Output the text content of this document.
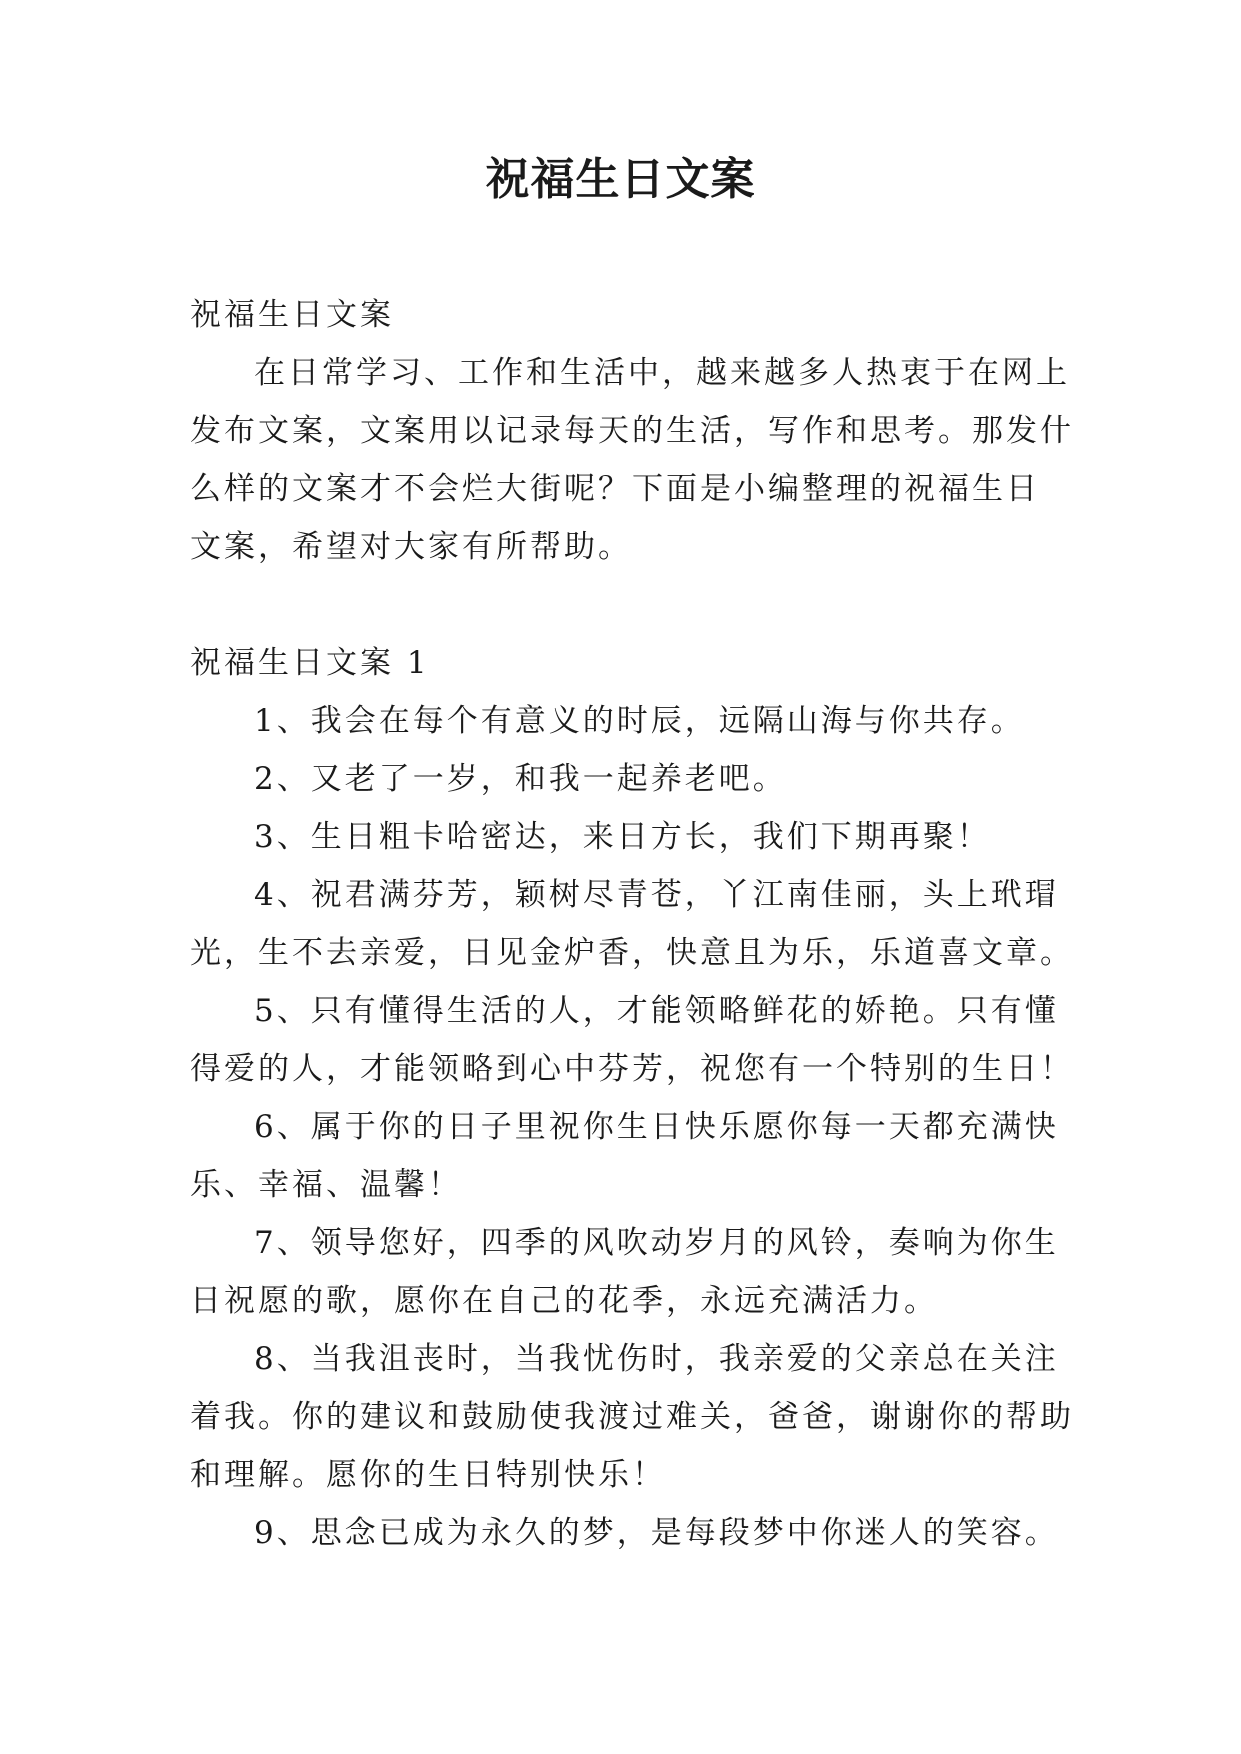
祝福生日文案

祝福生日文案

在日常学习、工作和生活中，越来越多人热衷于在网上

发布文案，文案用以记录每天的生活，写作和思考。那发什

么样的文案才不会烂大街呢？下面是小编整理的祝福生日

文案，希望对大家有所帮助。

祝福生日文案 1

1、我会在每个有意义的时辰，远隔山海与你共存。

2、又老了一岁，和我一起养老吧。

3、生日粗卡哈密达，来日方长，我们下期再聚！

4、祝君满芬芳，颖树尽青苍，丫江南佳丽，头上玳瑁

光，生不去亲爱，日见金炉香，快意且为乐，乐道喜文章。

5、只有懂得生活的人，才能领略鲜花的娇艳。只有懂

得爱的人，才能领略到心中芬芳，祝您有一个特别的生日！

6、属于你的日子里祝你生日快乐愿你每一天都充满快

乐、幸福、温馨！

7、领导您好，四季的风吹动岁月的风铃，奏响为你生

日祝愿的歌，愿你在自己的花季，永远充满活力。

8、当我沮丧时，当我忧伤时，我亲爱的父亲总在关注

着我。你的建议和鼓励使我渡过难关，爸爸，谢谢你的帮助

和理解。愿你的生日特别快乐！

9、思念已成为永久的梦，是每段梦中你迷人的笑容。
